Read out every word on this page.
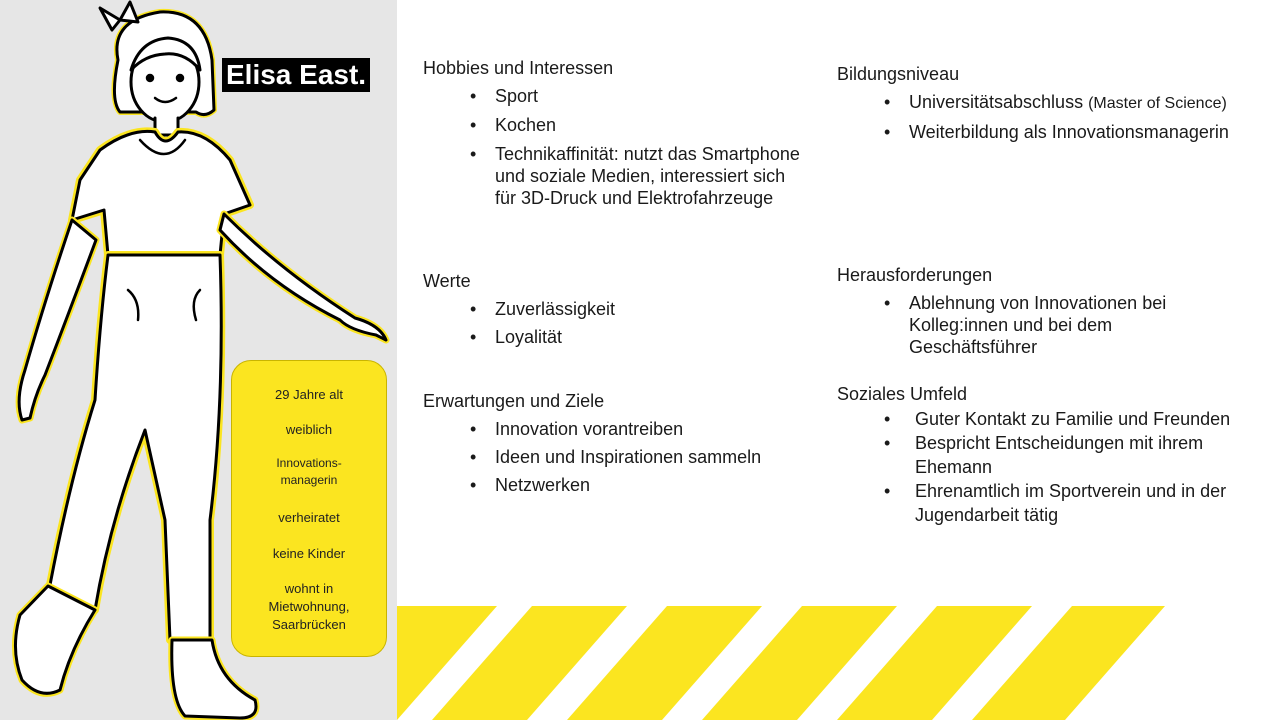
Elisa East.
29 Jahre alt
weiblich
Innovations-
managerin
verheiratet
keine Kinder
wohnt in
Mietwohnung,
Saarbrücken
Hobbies und Interessen
• Sport
• Kochen
• Technikaffinität: nutzt das Smartphone und soziale Medien, interessiert sich für 3D-Druck und Elektrofahrzeuge
Werte
• Zuverlässigkeit
• Loyalität
Erwartungen und Ziele
• Innovation vorantreiben
• Ideen und Inspirationen sammeln
• Netzwerken
Bildungsniveau
• Universitätsabschluss (Master of Science)
• Weiterbildung als Innovationsmanagerin
Herausforderungen
• Ablehnung von Innovationen bei Kolleg:innen und bei dem Geschäftsführer
Soziales Umfeld
• Guter Kontakt zu Familie und Freunden
• Bespricht Entscheidungen mit ihrem Ehemann
• Ehrenamtlich im Sportverein und in der Jugendarbeit tätig
